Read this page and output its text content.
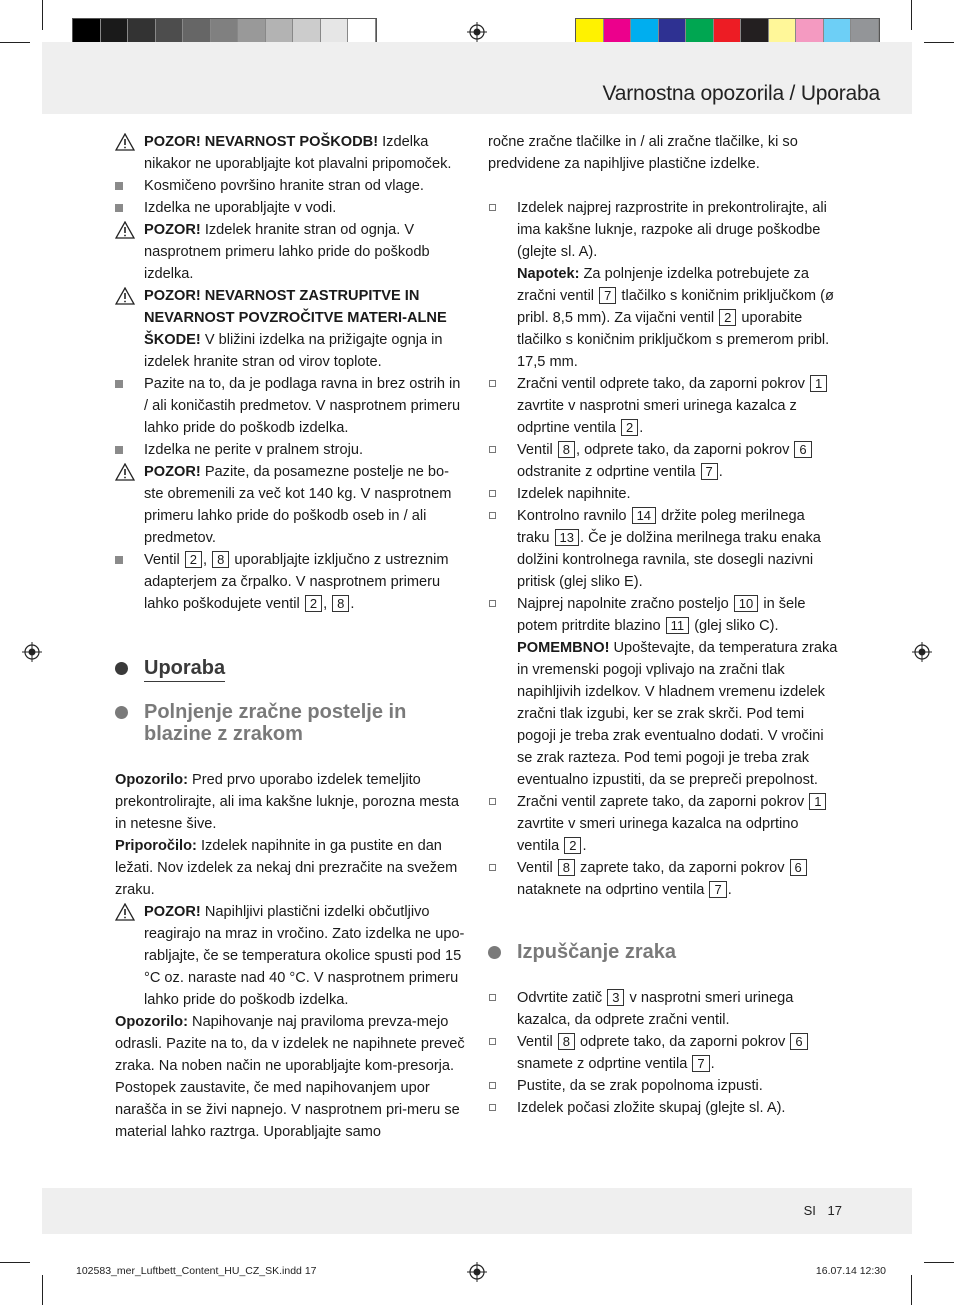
Varnostna opozorila / Uporaba
POZOR! NEVARNOST POŠKODB! Izdelka nikakor ne uporabljajte kot plavalni pripomoček.
Kosmičeno površino hranite stran od vlage.
Izdelka ne uporabljajte v vodi.
POZOR! Izdelek hranite stran od ognja. V nasprotnem primeru lahko pride do poškodb izdelka.
POZOR! NEVARNOST ZASTRUPITVE IN NEVARNOST POVZROČITVE MATERI-ALNE ŠKODE! V bližini izdelka na prižigajte ognja in izdelek hranite stran od virov toplote.
Pazite na to, da je podlaga ravna in brez ostrih in / ali koničastih predmetov. V nasprotnem primeru lahko pride do poškodb izdelka.
Izdelka ne perite v pralnem stroju.
POZOR! Pazite, da posamezne postelje ne bo-ste obremenili za več kot 140 kg. V nasprotnem primeru lahko pride do poškodb oseb in / ali predmetov.
Ventil 2 , 8 uporabljajte izključno z ustreznim adapterjem za črpalko. V nasprotnem primeru lahko poškodujete ventil 2 , 8 .
Uporaba
Polnjenje zračne postelje in blazine z zrakom
Opozorilo: Pred prvo uporabo izdelek temeljito prekontrolirajte, ali ima kakšne luknje, porozna mesta in netesne šive.
Priporočilo: Izdelek napihnite in ga pustite en dan ležati. Nov izdelek za nekaj dni prezračite na svežem zraku.
POZOR! Napihljivi plastični izdelki občutljivo reagirajo na mraz in vročino. Zato izdelka ne upo-rabljajte, če se temperatura okolice spusti pod 15 °C oz. naraste nad 40 °C. V nasprotnem primeru lahko pride do poškodb izdelka.
Opozorilo: Napihovanje naj praviloma prevza-mejo odrasli. Pazite na to, da v izdelek ne napihnete preveč zraka. Na noben način ne uporabljajte kom-presorja. Postopek zaustavite, če med napihovanjem upor narašča in se živi napnejo. V nasprotnem pri-meru se material lahko raztrga. Uporabljajte samo
ročne zračne tlačilke in / ali zračne tlačilke, ki so predvidene za napihljive plastične izdelke.
Izdelek najprej razprostrite in prekontrolirajte, ali ima kakšne luknje, razpoke ali druge poškodbe (glejte sl. A).
Napotek: Za polnjenje izdelka potrebujete za zračni ventil 7 tlačilko s koničnim priključkom (ø pribl. 8,5 mm). Za vijačni ventil 2 uporabite tlačilko s koničnim priključkom s premerom pribl. 17,5 mm.
Zračni ventil odprete tako, da zaporni pokrov 1 zavrtite v nasprotni smeri urinega kazalca z odprtine ventila 2 .
Ventil 8 , odprete tako, da zaporni pokrov 6 odstranite z odprtine ventila 7 .
Izdelek napihnite.
Kontrolno ravnilo 14 držite poleg merilnega traku 13 . Če je dolžina merilnega traku enaka dolžini kontrolnega ravnila, ste dosegli nazivni pritisk (glej sliko E).
Najprej napolnite zračno posteljo 10 in šele potem pritrdite blazino 11 (glej sliko C).
POMEMBNO! Upoštevajte, da temperatura zraka in vremenski pogoji vplivajo na zračni tlak napihljivih izdelkov. V hladnem vremenu izdelek zračni tlak izgubi, ker se zrak skrči. Pod temi pogoji je treba zrak eventualno dodati. V vročini se zrak razteza. Pod temi pogoji je treba zrak eventualno izpustiti, da se prepreči prepolnost.
Zračni ventil zaprete tako, da zaporni pokrov 1 zavrtite v smeri urinega kazalca na odprtino ventila 2 .
Ventil 8 zaprete tako, da zaporni pokrov 6 nataknete na odprtino ventila 7 .
Izpuščanje zraka
Odvrtite zatič 3 v nasprotni smeri urinega kazalca, da odprete zračni ventil.
Ventil 8 odprete tako, da zaporni pokrov 6 snamete z odprtine ventila 7 .
Pustite, da se zrak popolnoma izpusti.
Izdelek počasi zložite skupaj (glejte sl. A).
SI 17
102583_mer_Luftbett_Content_HU_CZ_SK.indd 17	16.07.14 12:30
